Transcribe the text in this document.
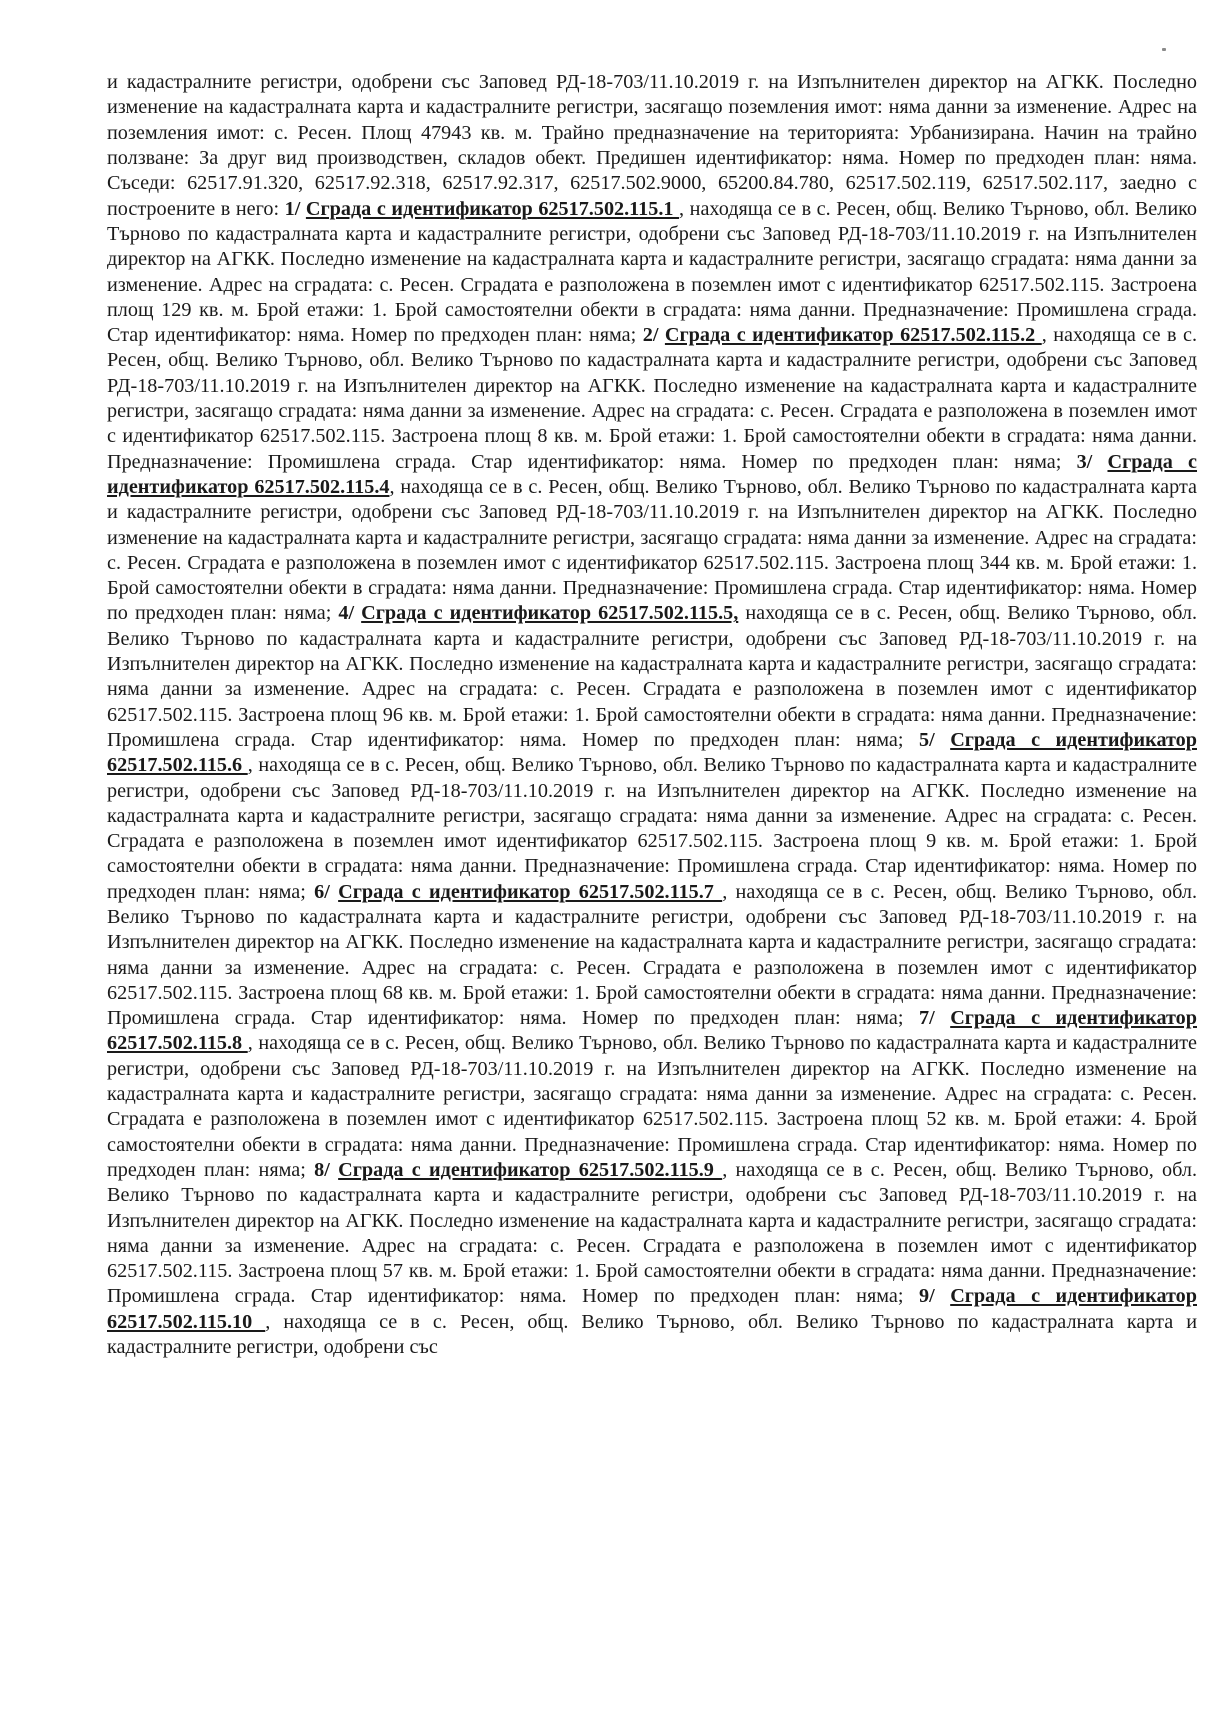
и кадастралните регистри, одобрени със Заповед РД-18-703/11.10.2019 г. на Изпълнителен директор на АГКК. Последно изменение на кадастралната карта и кадастралните регистри, засягащо поземления имот: няма данни за изменение. Адрес на поземления имот: с. Ресен. Площ 47943 кв. м. Трайно предназначение на територията: Урбанизирана. Начин на трайно ползване: За друг вид производствен, складов обект. Предишен идентификатор: няма. Номер по предходен план: няма. Съседи: 62517.91.320, 62517.92.318, 62517.92.317, 62517.502.9000, 65200.84.780, 62517.502.119, 62517.502.117, заедно с построените в него: 1/ Сграда с идентификатор 62517.502.115.1 , находяща се в с. Ресен, общ. Велико Търново, обл. Велико Търново по кадастралната карта и кадастралните регистри, одобрени със Заповед РД-18-703/11.10.2019 г. на Изпълнителен директор на АГКК. Последно изменение на кадастралната карта и кадастралните регистри, засягащо сградата: няма данни за изменение. Адрес на сградата: с. Ресен. Сградата е разположена в поземлен имот с идентификатор 62517.502.115. Застроена площ 129 кв. м. Брой етажи: 1. Брой самостоятелни обекти в сградата: няма данни. Предназначение: Промишлена сграда. Стар идентификатор: няма. Номер по предходен план: няма; 2/ Сграда с идентификатор 62517.502.115.2 , находяща се в с. Ресен, общ. Велико Търново, обл. Велико Търново по кадастралната карта и кадастралните регистри, одобрени със Заповед РД-18-703/11.10.2019 г. на Изпълнителен директор на АГКК. Последно изменение на кадастралната карта и кадастралните регистри, засягащо сградата: няма данни за изменение. Адрес на сградата: с. Ресен. Сградата е разположена в поземлен имот с идентификатор 62517.502.115. Застроена площ 8 кв. м. Брой етажи: 1. Брой самостоятелни обекти в сградата: няма данни. Предназначение: Промишлена сграда. Стар идентификатор: няма. Номер по предходен план: няма; 3/ Сграда с идентификатор 62517.502.115.4, находяща се в с. Ресен, общ. Велико Търново, обл. Велико Търново по кадастралната карта и кадастралните регистри, одобрени със Заповед РД-18-703/11.10.2019 г. на Изпълнителен директор на АГКК. Последно изменение на кадастралната карта и кадастралните регистри, засягащо сградата: няма данни за изменение. Адрес на сградата: с. Ресен. Сградата е разположена в поземлен имот с идентификатор 62517.502.115. Застроена площ 344 кв. м. Брой етажи: 1. Брой самостоятелни обекти в сградата: няма данни. Предназначение: Промишлена сграда. Стар идентификатор: няма. Номер по предходен план: няма; 4/ Сграда с идентификатор 62517.502.115.5, находяща се в с. Ресен, общ. Велико Търново, обл. Велико Търново по кадастралната карта и кадастралните регистри, одобрени със Заповед РД-18-703/11.10.2019 г. на Изпълнителен директор на АГКК. Последно изменение на кадастралната карта и кадастралните регистри, засягащо сградата: няма данни за изменение. Адрес на сградата: с. Ресен. Сградата е разположена в поземлен имот с идентификатор 62517.502.115. Застроена площ 96 кв. м. Брой етажи: 1. Брой самостоятелни обекти в сградата: няма данни. Предназначение: Промишлена сграда. Стар идентификатор: няма. Номер по предходен план: няма; 5/ Сграда с идентификатор 62517.502.115.6 , находяща се в с. Ресен, общ. Велико Търново, обл. Велико Търново по кадастралната карта и кадастралните регистри, одобрени със Заповед РД-18-703/11.10.2019 г. на Изпълнителен директор на АГКК. Последно изменение на кадастралната карта и кадастралните регистри, засягащо сградата: няма данни за изменение. Адрес на сградата: с. Ресен. Сградата е разположена в поземлен имот идентификатор 62517.502.115. Застроена площ 9 кв. м. Брой етажи: 1. Брой самостоятелни обекти в сградата: няма данни. Предназначение: Промишлена сграда. Стар идентификатор: няма. Номер по предходен план: няма; 6/ Сграда с идентификатор 62517.502.115.7 , находяща се в с. Ресен, общ. Велико Търново, обл. Велико Търново по кадастралната карта и кадастралните регистри, одобрени със Заповед РД-18-703/11.10.2019 г. на Изпълнителен директор на АГКК. Последно изменение на кадастралната карта и кадастралните регистри, засягащо сградата: няма данни за изменение. Адрес на сградата: с. Ресен. Сградата е разположена в поземлен имот с идентификатор 62517.502.115. Застроена площ 68 кв. м. Брой етажи: 1. Брой самостоятелни обекти в сградата: няма данни. Предназначение: Промишлена сграда. Стар идентификатор: няма. Номер по предходен план: няма; 7/ Сграда с идентификатор 62517.502.115.8 , находяща се в с. Ресен, общ. Велико Търново, обл. Велико Търново по кадастралната карта и кадастралните регистри, одобрени със Заповед РД-18-703/11.10.2019 г. на Изпълнителен директор на АГКК. Последно изменение на кадастралната карта и кадастралните регистри, засягащо сградата: няма данни за изменение. Адрес на сградата: с. Ресен. Сградата е разположена в поземлен имот с идентификатор 62517.502.115. Застроена площ 52 кв. м. Брой етажи: 4. Брой самостоятелни обекти в сградата: няма данни. Предназначение: Промишлена сграда. Стар идентификатор: няма. Номер по предходен план: няма; 8/ Сграда с идентификатор 62517.502.115.9 , находяща се в с. Ресен, общ. Велико Търново, обл. Велико Търново по кадастралната карта и кадастралните регистри, одобрени със Заповед РД-18-703/11.10.2019 г. на Изпълнителен директор на АГКК. Последно изменение на кадастралната карта и кадастралните регистри, засягащо сградата: няма данни за изменение. Адрес на сградата: с. Ресен. Сградата е разположена в поземлен имот с идентификатор 62517.502.115. Застроена площ 57 кв. м. Брой етажи: 1. Брой самостоятелни обекти в сградата: няма данни. Предназначение: Промишлена сграда. Стар идентификатор: няма. Номер по предходен план: няма; 9/ Сграда с идентификатор 62517.502.115.10 , находяща се в с. Ресен, общ. Велико Търново, обл. Велико Търново по кадастралната карта и кадастралните регистри, одобрени със
